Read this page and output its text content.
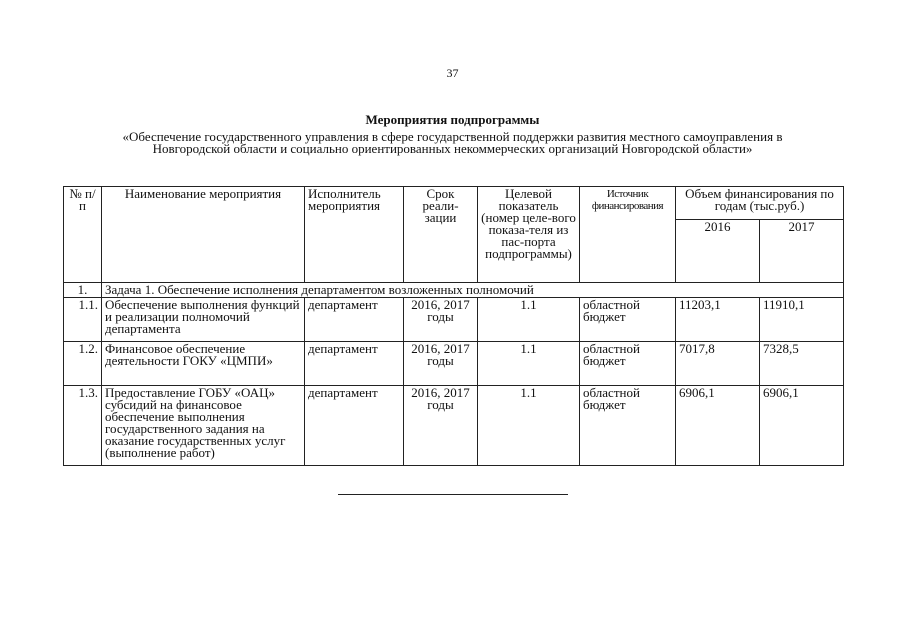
37
Мероприятия подпрограммы
«Обеспечение государственного управления в сфере государственной поддержки развития местного самоуправления в Новгородской области и социально ориентированных некоммерческих организаций Новгородской области»
№ п/п	Наименование мероприятия	Исполнитель мероприятия	Срок реали-зации	Целевой показатель (номер целе-вого показа-теля из пас-порта подпрограммы)	Источник финансирования	Объем финансирования по годам (тыс.руб.)	
						2016	2017
1.	Задача 1. Обеспечение исполнения департаментом возложенных полномочий						
1.1.	Обеспечение выполнения функций и реализации полномочий департамента	департамент	2016, 2017 годы	1.1	областной бюджет	11203,1	11910,1
1.2.	Финансовое обеспечение деятельности ГОКУ «ЦМПИ»	департамент	2016, 2017 годы	1.1	областной бюджет	7017,8	7328,5
1.3.	Предоставление ГОБУ «ОАЦ» субсидий на финансовое обеспечение выполнения государственного задания на оказание государственных услуг (выполнение работ)	департамент	2016, 2017 годы	1.1	областной бюджет	6906,1	6906,1
